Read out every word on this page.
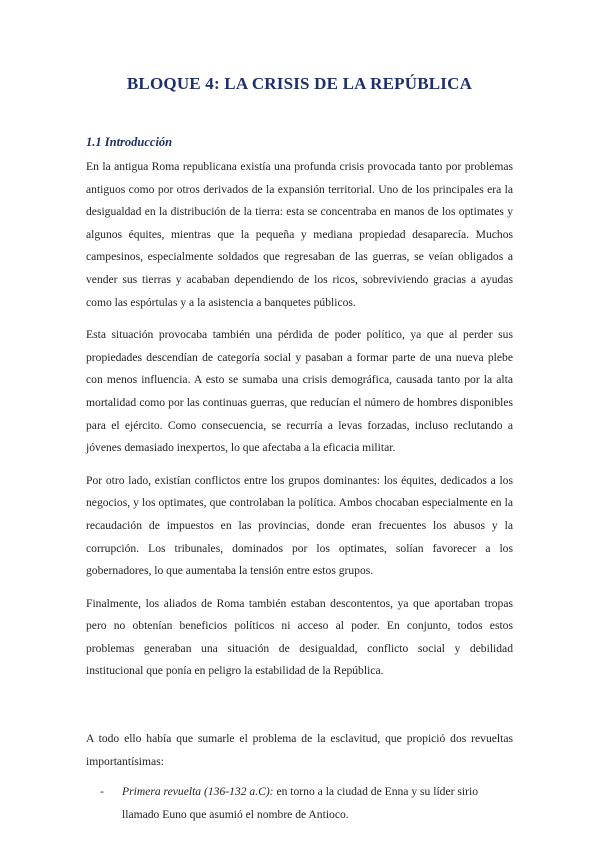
BLOQUE 4: LA CRISIS DE LA REPÚBLICA
1.1 Introducción

En la antigua Roma republicana existía una profunda crisis provocada tanto por problemas antiguos como por otros derivados de la expansión territorial. Uno de los principales era la desigualdad en la distribución de la tierra: esta se concentraba en manos de los optimates y algunos équites, mientras que la pequeña y mediana propiedad desaparecía. Muchos campesinos, especialmente soldados que regresaban de las guerras, se veían obligados a vender sus tierras y acababan dependiendo de los ricos, sobreviviendo gracias a ayudas como las espórtulas y a la asistencia a banquetes públicos.

Esta situación provocaba también una pérdida de poder político, ya que al perder sus propiedades descendían de categoría social y pasaban a formar parte de una nueva plebe con menos influencia. A esto se sumaba una crisis demográfica, causada tanto por la alta mortalidad como por las continuas guerras, que reducían el número de hombres disponibles para el ejército. Como consecuencia, se recurría a levas forzadas, incluso reclutando a jóvenes demasiado inexpertos, lo que afectaba a la eficacia militar.

Por otro lado, existían conflictos entre los grupos dominantes: los équites, dedicados a los negocios, y los optimates, que controlaban la política. Ambos chocaban especialmente en la recaudación de impuestos en las provincias, donde eran frecuentes los abusos y la corrupción. Los tribunales, dominados por los optimates, solían favorecer a los gobernadores, lo que aumentaba la tensión entre estos grupos.

Finalmente, los aliados de Roma también estaban descontentos, ya que aportaban tropas pero no obtenían beneficios políticos ni acceso al poder. En conjunto, todos estos problemas generaban una situación de desigualdad, conflicto social y debilidad institucional que ponía en peligro la estabilidad de la República.

A todo ello había que sumarle el problema de la esclavitud, que propició dos revueltas importantísimas:

- Primera revuelta (136-132 a.C): en torno a la ciudad de Enna y su líder sirio llamado Euno que asumió el nombre de Antioco.
